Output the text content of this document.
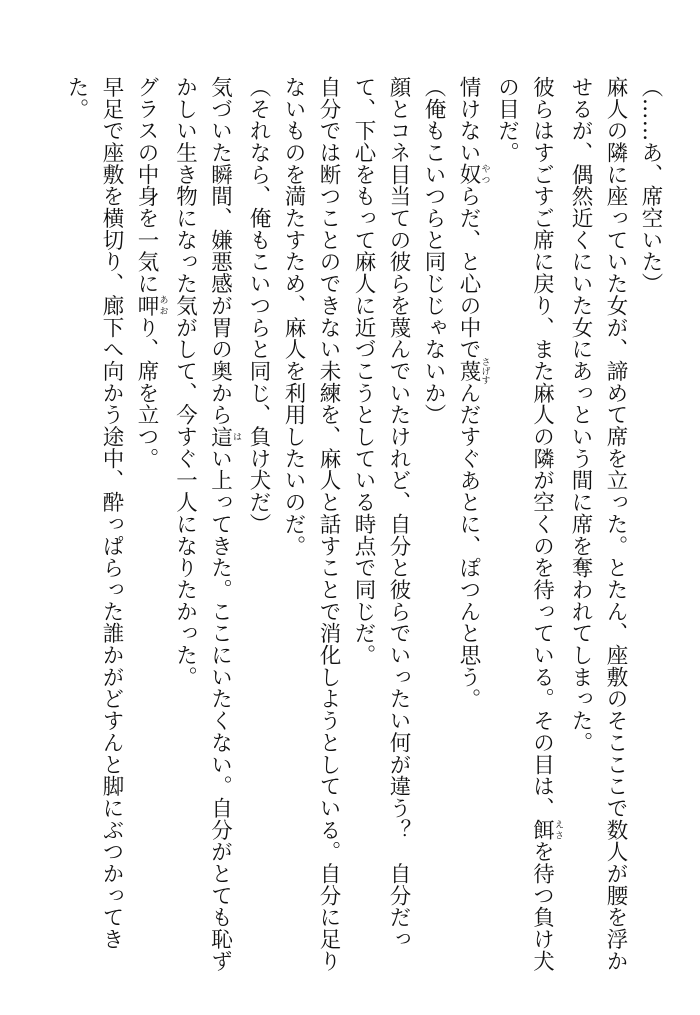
（……あ、席空いた）
麻人の隣に座っていた女が、諦めて席を立った。とたん、座敷のそこここで数人が腰を浮か
せるが、偶然近くにいた女にあっという間に席を奪われてしまった。
彼らはすごすご席に戻り、また麻人の隣が空くのを待っている。その目は、餌えさを待つ負け犬
の目だ。
情けない奴やつらだ、と心の中で蔑さげすんだすぐあとに、ぽつんと思う。
（俺もこいつらと同じじゃないか）
顔とコネ目当ての彼らを蔑んでいたけれど、自分と彼らでいったい何が違う？　自分だっ
て、下心をもって麻人に近づこうとしている時点で同じだ。
自分では断つことのできない未練を、麻人と話すことで消化しようとしている。自分に足り
ないものを満たすため、麻人を利用したいのだ。
（それなら、俺もこいつらと同じ、負け犬だ）
気づいた瞬間、嫌悪感が胃の奥から這はい上ってきた。ここにいたくない。自分がとても恥ず
かしい生き物になった気がして、今すぐ一人になりたかった。
グラスの中身を一気に呷あおり、席を立つ。
早足で座敷を横切り、廊下へ向かう途中、酔っぱらった誰かがどすんと脚にぶつかってき
た。
